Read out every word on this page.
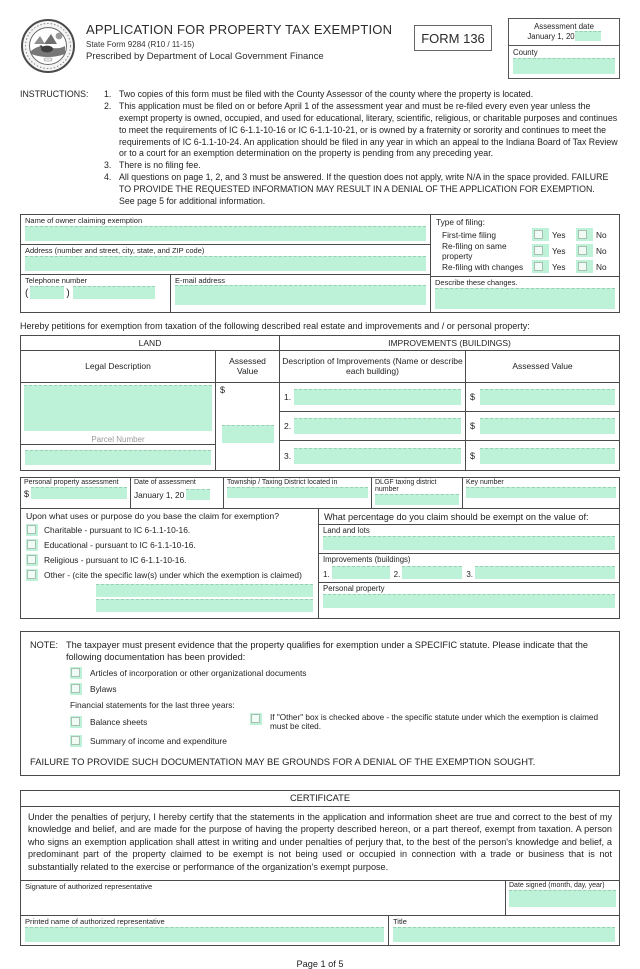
APPLICATION FOR PROPERTY TAX EXEMPTION
State Form 9284 (R10 / 11-15)
Prescribed by Department of Local Government Finance
FORM 136
Assessment date
January 1, 20
County
INSTRUCTIONS:	1. Two copies of this form must be filed with the County Assessor of the county where the property is located.
2. This application must be filed on or before April 1 of the assessment year and must be re-filed every even year unless the exempt property is owned, occupied, and used for educational, literary, scientific, religious, or charitable purposes and continues to meet the requirements of IC 6-1.1-10-16 or IC 6-1.1-10-21, or is owned by a fraternity or sorority and continues to meet the requirements of IC 6-1.1-10-24. An application should be filed in any year in which an appeal to the Indiana Board of Tax Review or to a court for an exemption determination on the property is pending from any preceding year.
3. There is no filing fee.
4. All questions on page 1, 2, and 3 must be answered. If the question does not apply, write N/A in the space provided. FAILURE TO PROVIDE THE REQUESTED INFORMATION MAY RESULT IN A DENIAL OF THE APPLICATION FOR EXEMPTION.
See page 5 for additional information.
Name of owner claiming exemption
Address (number and street, city, state, and ZIP code)
Telephone number
(	)
E-mail address
Type of filing:
First-time filing	Yes	No
Re-filing on same property	Yes	No
Re-filing with changes	Yes	No
Describe these changes.
Hereby petitions for exemption from taxation of the following described real estate and improvements and / or personal property:
LAND	IMPROVEMENTS (BUILDINGS)
Legal Description
Assessed Value
Description of Improvements (Name or describe each building)
Assessed Value
Parcel Number
$
1.	$
2.	$
3.	$
Personal property assessment
$
Date of assessment
January 1, 20
Township / Taxing District located in	DLGF taxing district number
Key number
Upon what uses or purpose do you base the claim for exemption?
Charitable - pursuant to IC 6-1.1-10-16.
Educational - pursuant to IC 6-1.1-10-16.
Religious - pursuant to IC 6-1.1-10-16.
Other - (cite the specific law(s) under which the exemption is claimed)
What percentage do you claim should be exempt on the value of:
Land and lots
Improvements (buildings)
1.	2.	3.
Personal property
NOTE: The taxpayer must present evidence that the property qualifies for exemption under a SPECIFIC statute. Please indicate that the following documentation has been provided:
Articles of incorporation or other organizational documents
Bylaws
Financial statements for the last three years:
Balance sheets	If "Other" box is checked above - the specific statute under which the exemption is claimed must be cited.
Summary of income and expenditure
FAILURE TO PROVIDE SUCH DOCUMENTATION MAY BE GROUNDS FOR A DENIAL OF THE EXEMPTION SOUGHT.
CERTIFICATE
Under the penalties of perjury, I hereby certify that the statements in the application and information sheet are true and correct to the best of my knowledge and belief, and are made for the purpose of having the property described hereon, or a part thereof, exempt from taxation. A person who signs an exemption application shall attest in writing and under penalties of perjury that, to the best of the person's knowledge and belief, a predominant part of the property claimed to be exempt is not being used or occupied in connection with a trade or business that is not substantially related to the exercise or performance of the organization's exempt purpose.
Signature of authorized representative	Date signed (month, day, year)
Printed name of authorized representative	Title
Page 1 of 5
